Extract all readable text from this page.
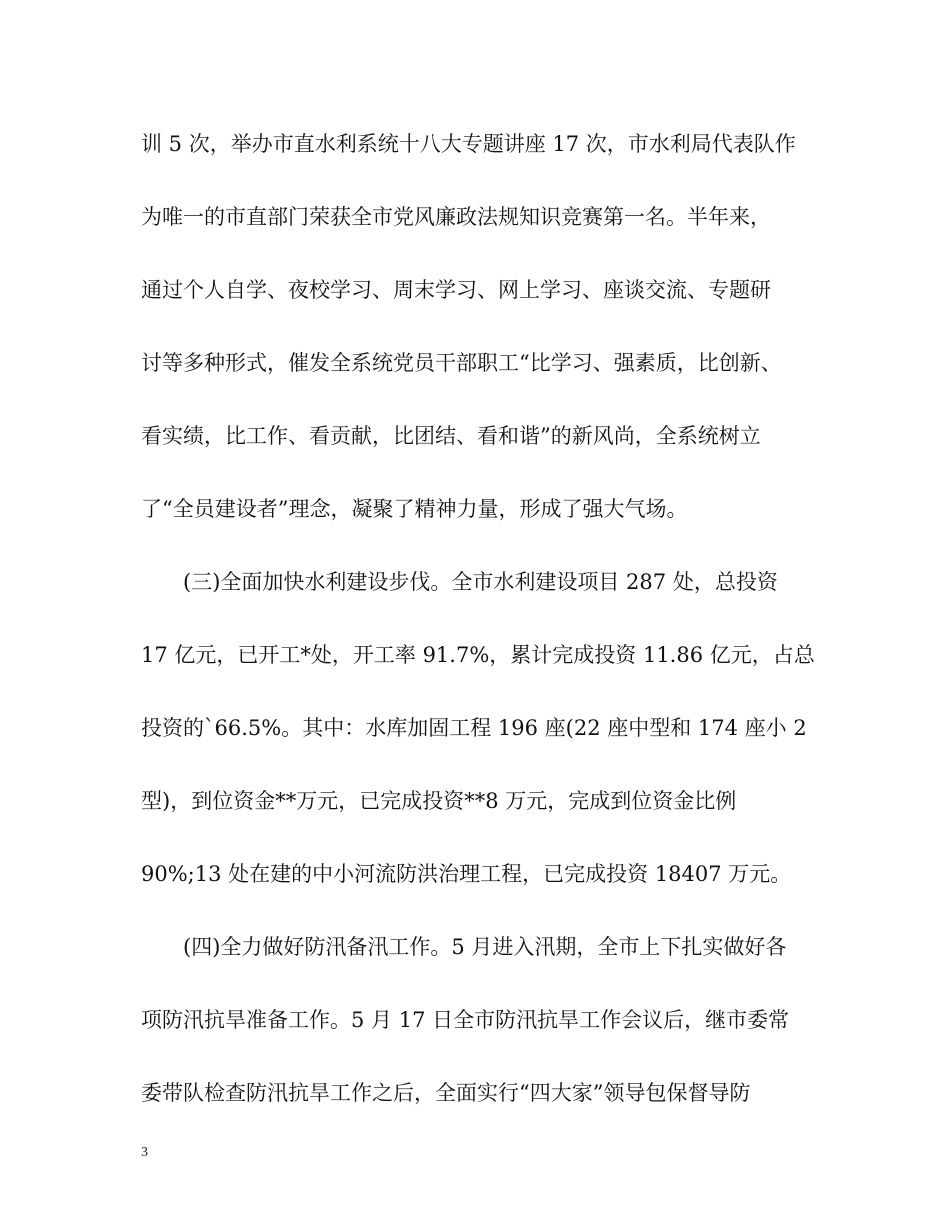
训 5 次，举办市直水利系统十八大专题讲座 17 次，市水利局代表队作
为唯一的市直部门荣获全市党风廉政法规知识竞赛第一名。半年来，
通过个人自学、夜校学习、周末学习、网上学习、座谈交流、专题研
讨等多种形式，催发全系统党员干部职工“比学习、强素质，比创新、
看实绩，比工作、看贡献，比团结、看和谐”的新风尚，全系统树立
了“全员建设者”理念，凝聚了精神力量，形成了强大气场。
(三)全面加快水利建设步伐。全市水利建设项目 287 处，总投资
17 亿元，已开工*处，开工率 91.7%，累计完成投资 11.86 亿元，占总
投资的`66.5%。其中：水库加固工程 196 座(22 座中型和 174 座小 2
型)，到位资金**万元，已完成投资**8 万元，完成到位资金比例
90%;13 处在建的中小河流防洪治理工程，已完成投资 18407 万元。
(四)全力做好防汛备汛工作。5 月进入汛期，全市上下扎实做好各
项防汛抗旱准备工作。5 月 17 日全市防汛抗旱工作会议后，继市委常
委带队检查防汛抗旱工作之后，全面实行“四大家”领导包保督导防
3
